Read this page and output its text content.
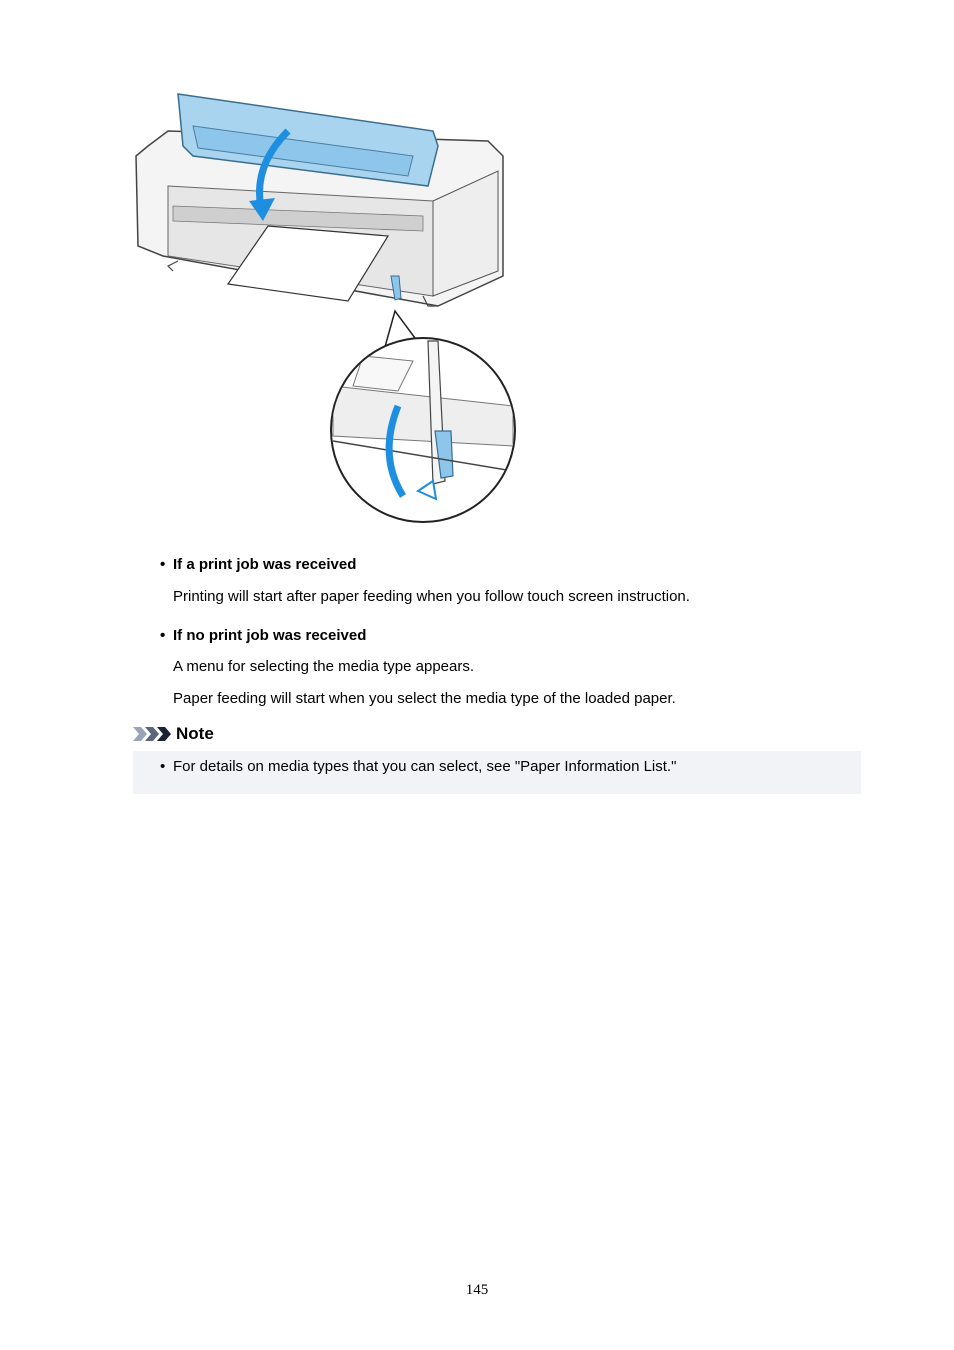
• If a print job was received
Printing will start after paper feeding when you follow touch screen instruction.
• If no print job was received
A menu for selecting the media type appears.
Paper feeding will start when you select the media type of the loaded paper.
Note
• For details on media types that you can select, see "Paper Information List."
145
